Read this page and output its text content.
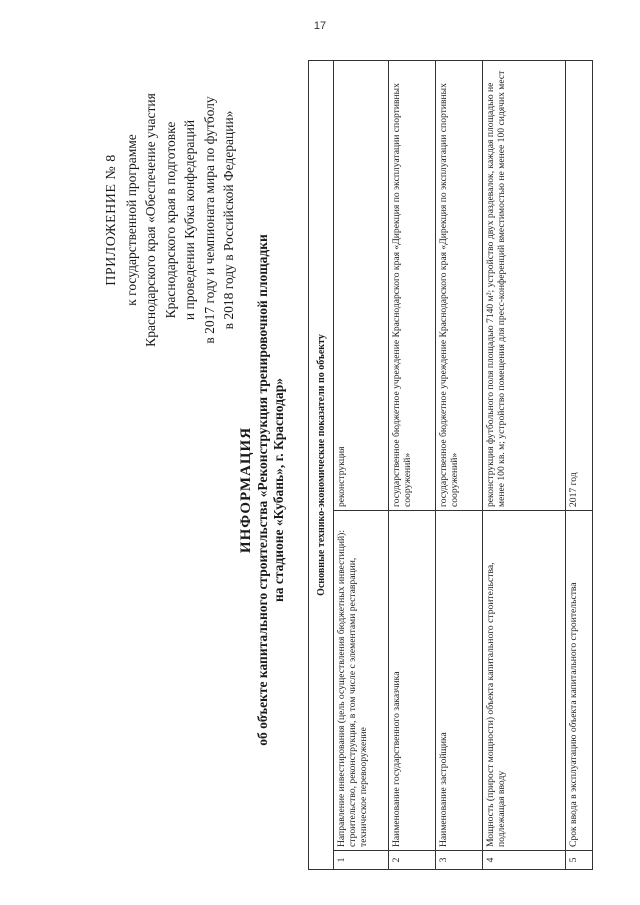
17
ПРИЛОЖЕНИЕ № 8 к государственной программе Краснодарского края «Обеспечение участия Краснодарского края в подготовке и проведении Кубка конфедераций в 2017 году и чемпионата мира по футболу в 2018 году в Российской Федерации»
ИНФОРМАЦИЯ об объекте капитального строительства «Реконструкция тренировочной площадки на стадионе «Кубань», г. Краснодар»	Основные технико-экономические показатели по объекту		
1	Направление инвестирования (цель осуществления бюджетных инвестиций): строительство, реконструкция, в том числе с элементами реставрации, техническое перевооружение	реконструкция
2	Наименование государственного заказчика	государственное бюджетное учреждение Краснодарского края «Дирекция по эксплуатации спортивных сооружений»
3	Наименование застройщика	государственное бюджетное учреждение Краснодарского края «Дирекция по эксплуатации спортивных сооружений»
4	Мощность (прирост мощности) объекта капитального строительства, подлежащая вводу	реконструкция футбольного поля площадью 7140 м²; устройство двух раздевалок, каждая площадью не менее 100 кв. м; устройство помещения для пресс-конференций вместимостью не менее 100 сидячих мест
5	Срок ввода в эксплуатацию объекта капитального строительства	2017 год
